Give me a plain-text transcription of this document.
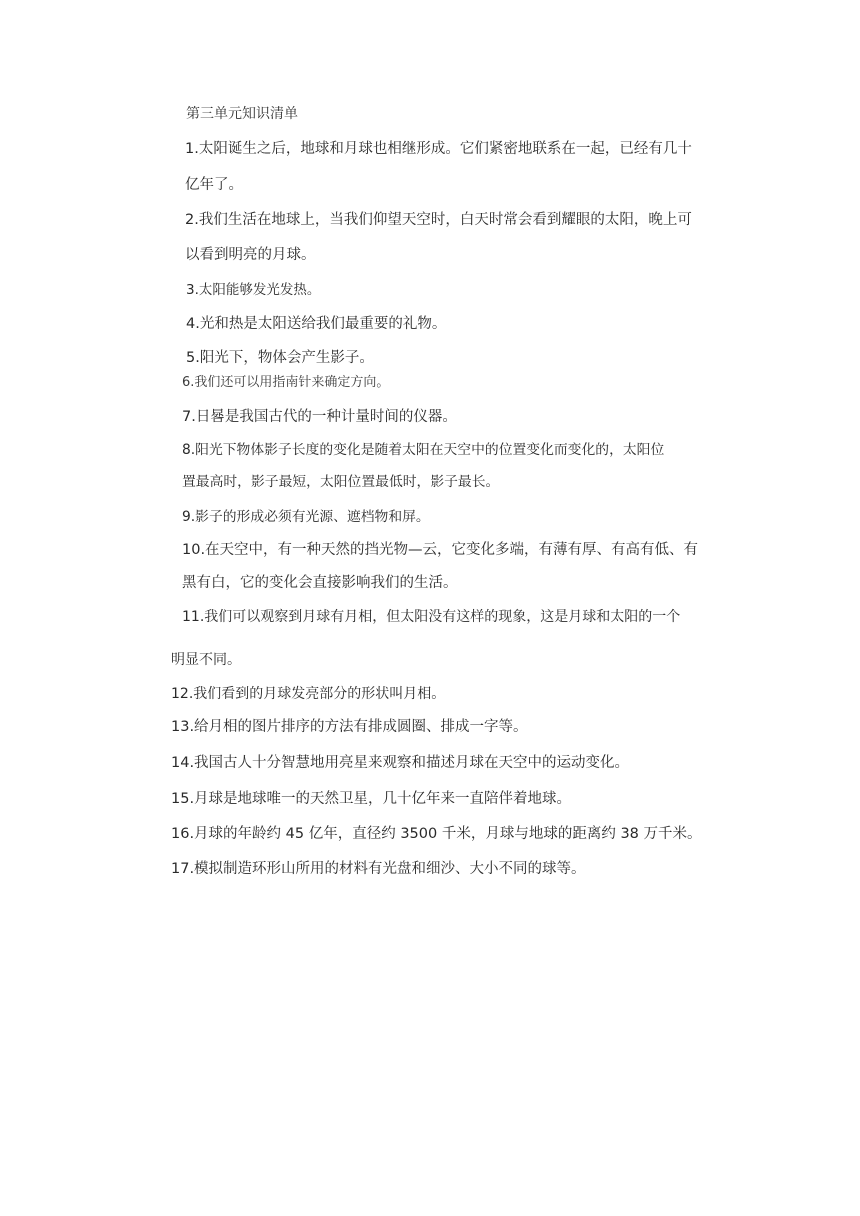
第三单元知识清单
1.太阳诞生之后，地球和月球也相继形成。它们紧密地联系在一起，已经有几十
亿年了。
2.我们生活在地球上，当我们仰望天空时，白天时常会看到耀眼的太阳，晚上可
以看到明亮的月球。
3.太阳能够发光发热。
4.光和热是太阳送给我们最重要的礼物。
5.阳光下，物体会产生影子。
6.我们还可以用指南针来确定方向。
7.日晷是我国古代的一种计量时间的仪器。
8.阳光下物体影子长度的变化是随着太阳在天空中的位置变化而变化的，太阳位
置最高时，影子最短，太阳位置最低时，影子最长。
9.影子的形成必须有光源、遮档物和屏。
10.在天空中，有一种天然的挡光物—云，它变化多端，有薄有厚、有高有低、有
黑有白，它的变化会直接影响我们的生活。
11.我们可以观察到月球有月相，但太阳没有这样的现象，这是月球和太阳的一个
明显不同。
12.我们看到的月球发亮部分的形状叫月相。
13.给月相的图片排序的方法有排成圆圈、排成一字等。
14.我国古人十分智慧地用亮星来观察和描述月球在天空中的运动变化。
15.月球是地球唯一的天然卫星，几十亿年来一直陪伴着地球。
16.月球的年龄约 45 亿年，直径约 3500 千米，月球与地球的距离约 38 万千米。
17.模拟制造环形山所用的材料有光盘和细沙、大小不同的球等。
